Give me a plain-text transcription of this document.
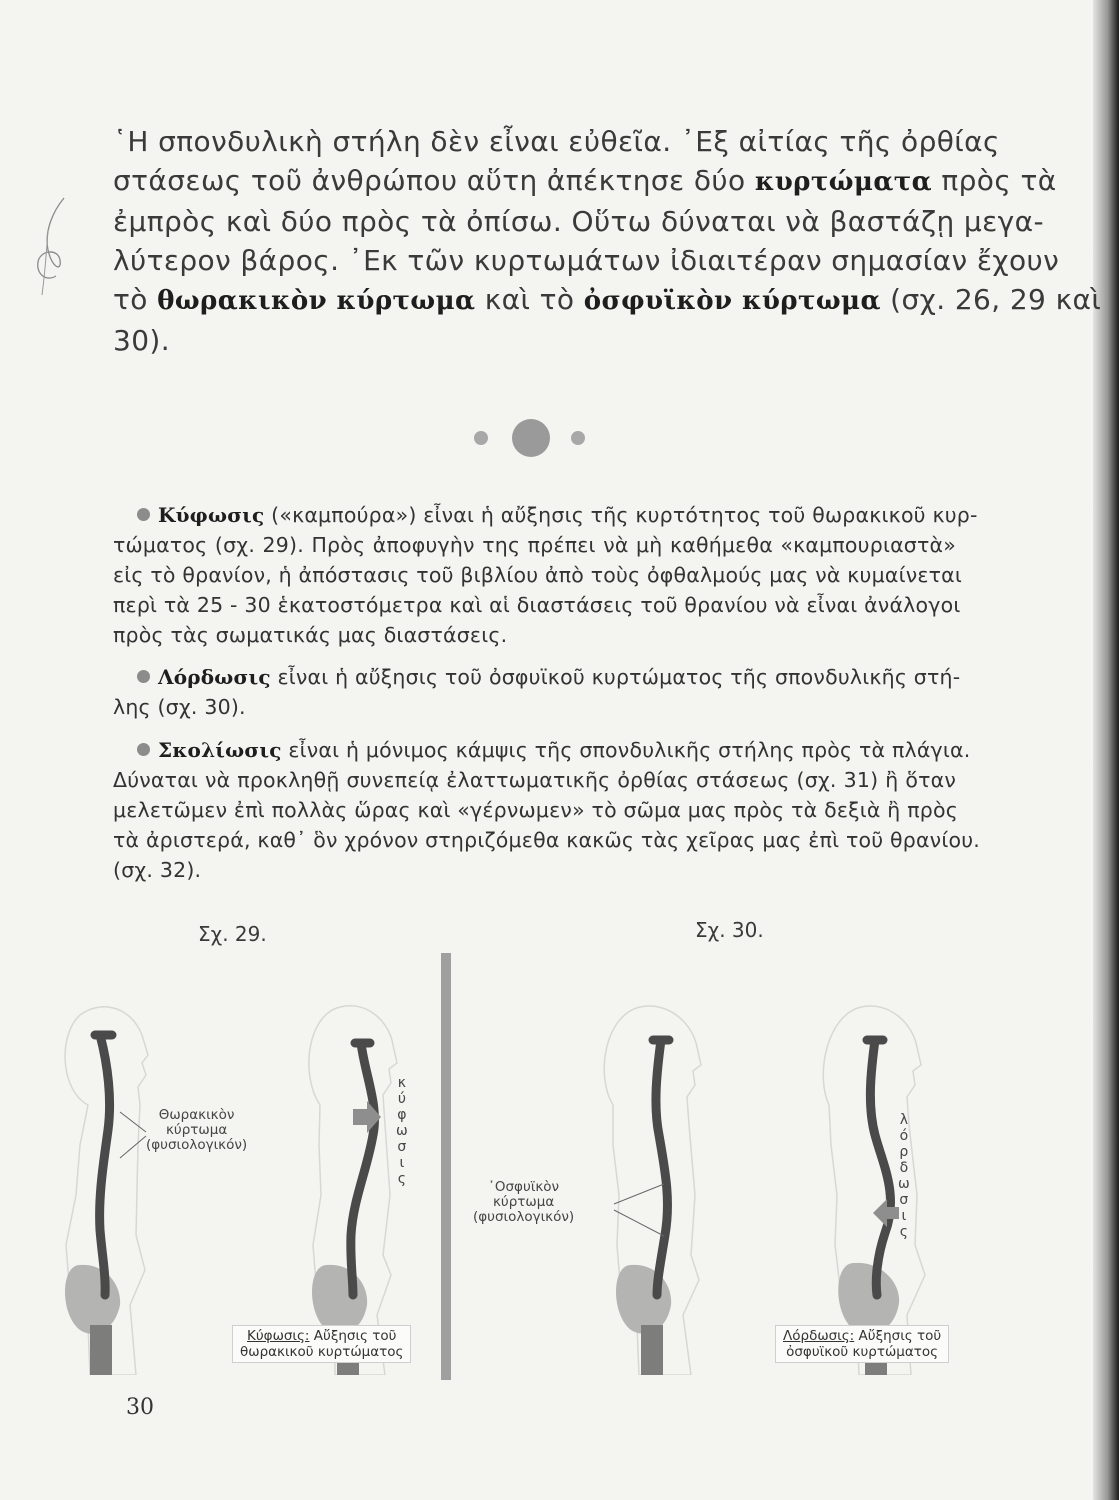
῾Η σπονδυλικὴ στήλη δὲν εἶναι εὐθεῖα. ᾿Εξ αἰτίας τῆς ὀρθίας
στάσεως τοῦ ἀνθρώπου αὕτη ἀπέκτησε δύο κυρτώματα πρὸς τὰ
ἐμπρὸς καὶ δύο πρὸς τὰ ὀπίσω. Οὕτω δύναται νὰ βαστάζῃ μεγα-
λύτερον βάρος. ᾿Εκ τῶν κυρτωμάτων ἰδιαιτέραν σημασίαν ἔχουν
τὸ θωρακικὸν κύρτωμα καὶ τὸ ὀσφυϊκὸν κύρτωμα (σχ. 26, 29 καὶ
30).
Κύφωσις («καμπούρα») εἶναι ἡ αὔξησις τῆς κυρτότητος τοῦ θωρακικοῦ κυρ-
τώματος (σχ. 29). Πρὸς ἀποφυγὴν της πρέπει νὰ μὴ καθήμεθα «καμπουριαστὰ»
εἰς τὸ θρανίον, ἡ ἀπόστασις τοῦ βιβλίου ἀπὸ τοὺς ὀφθαλμούς μας νὰ κυμαίνεται
περὶ τὰ 25 - 30 ἑκατοστόμετρα καὶ αἱ διαστάσεις τοῦ θρανίου νὰ εἶναι ἀνάλογοι
πρὸς τὰς σωματικάς μας διαστάσεις.
Λόρδωσις εἶναι ἡ αὔξησις τοῦ ὀσφυϊκοῦ κυρτώματος τῆς σπονδυλικῆς στή-
λης (σχ. 30).
Σκολίωσις εἶναι ἡ μόνιμος κάμψις τῆς σπονδυλικῆς στήλης πρὸς τὰ πλάγια.
Δύναται νὰ προκληθῇ συνεπείᾳ ἐλαττωματικῆς ὀρθίας στάσεως (σχ. 31) ἢ ὅταν
μελετῶμεν ἐπὶ πολλὰς ὥρας καὶ «γέρνωμεν» τὸ σῶμα μας πρὸς τὰ δεξιὰ ἢ πρὸς
τὰ ἀριστερά, καθ᾿ ὃν χρόνον στηριζόμεθα κακῶς τὰς χεῖρας μας ἐπὶ τοῦ θρανίου.
(σχ. 32).
Σχ. 29.	Σχ. 30.
Θωρακικὸν
κύρτωμα
(φυσιολογικόν)
κ
ύ
φ
ω
σ
ι
ς
Κύφωσις: Αὔξησις τοῦ
θωρακικοῦ κυρτώματος
᾿Οσφυϊκὸν
κύρτωμα
(φυσιολογικόν)
λ
ό
ρ
δ
ω
σ
ι
ς
Λόρδωσις: Αὔξησις τοῦ
ὀσφυϊκοῦ κυρτώματος
30
